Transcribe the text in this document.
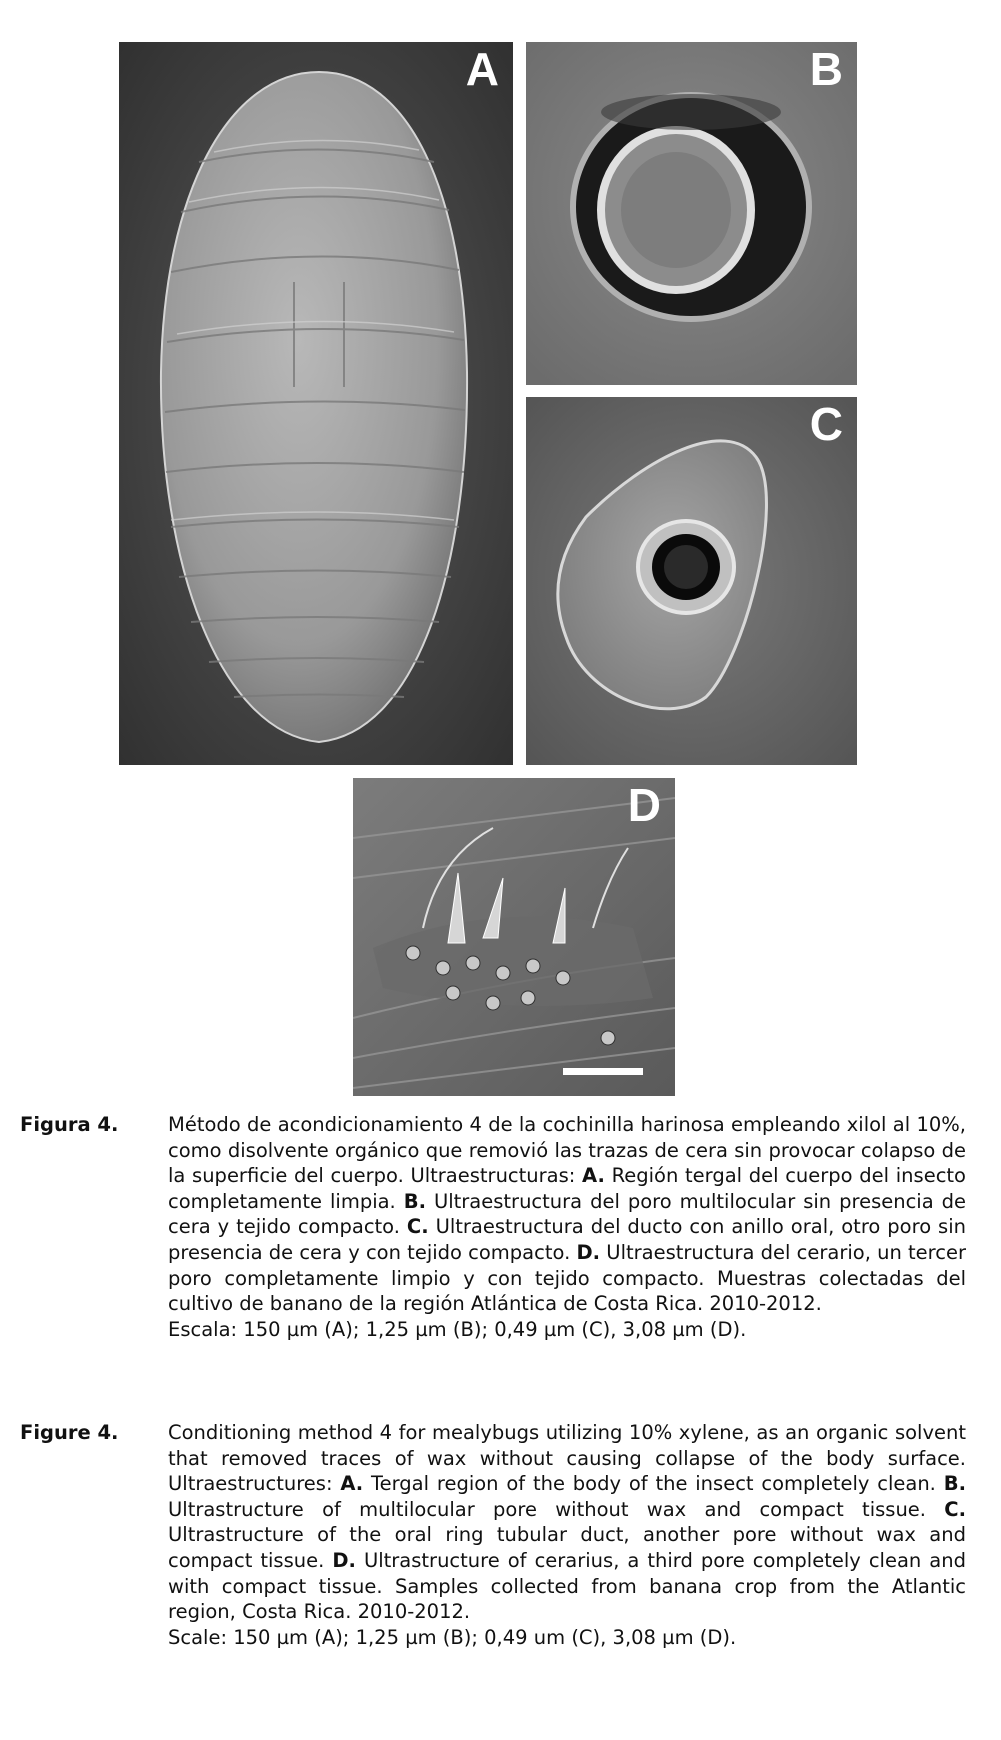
A	B
C
D
Figura 4.	Método de acondicionamiento 4 de la cochinilla harinosa empleando xilol al 10%, como disolvente orgánico que removió las trazas de cera sin provocar colapso de la superficie del cuerpo. Ultraestructuras: A. Región tergal del cuerpo del insecto completamente limpia. B. Ultraestructura del poro multilocular sin presencia de cera y tejido compacto. C. Ultraestructura del ducto con anillo oral, otro poro sin presencia de cera y con tejido compacto. D. Ultraestructura del cerario, un tercer poro completamente limpio y con tejido compacto. Muestras colectadas del cultivo de banano de la región Atlántica de Costa Rica. 2010-2012.

Escala: 150 µm (A); 1,25 µm (B); 0,49 µm (C), 3,08 µm (D).

Figure 4.	Conditioning method 4 for mealybugs utilizing 10% xylene, as an organic solvent that removed traces of wax without causing collapse of the body surface. Ultraestructures: A. Tergal region of the body of the insect completely clean. B. Ultrastructure of multilocular pore without wax and compact tissue. C. Ultrastructure of the oral ring tubular duct, another pore without wax and compact tissue. D. Ultrastructure of cerarius, a third pore completely clean and with compact tissue. Samples collected from banana crop from the Atlantic region, Costa Rica. 2010-2012.

Scale: 150 µm (A); 1,25 µm (B); 0,49 um (C), 3,08 µm (D).
